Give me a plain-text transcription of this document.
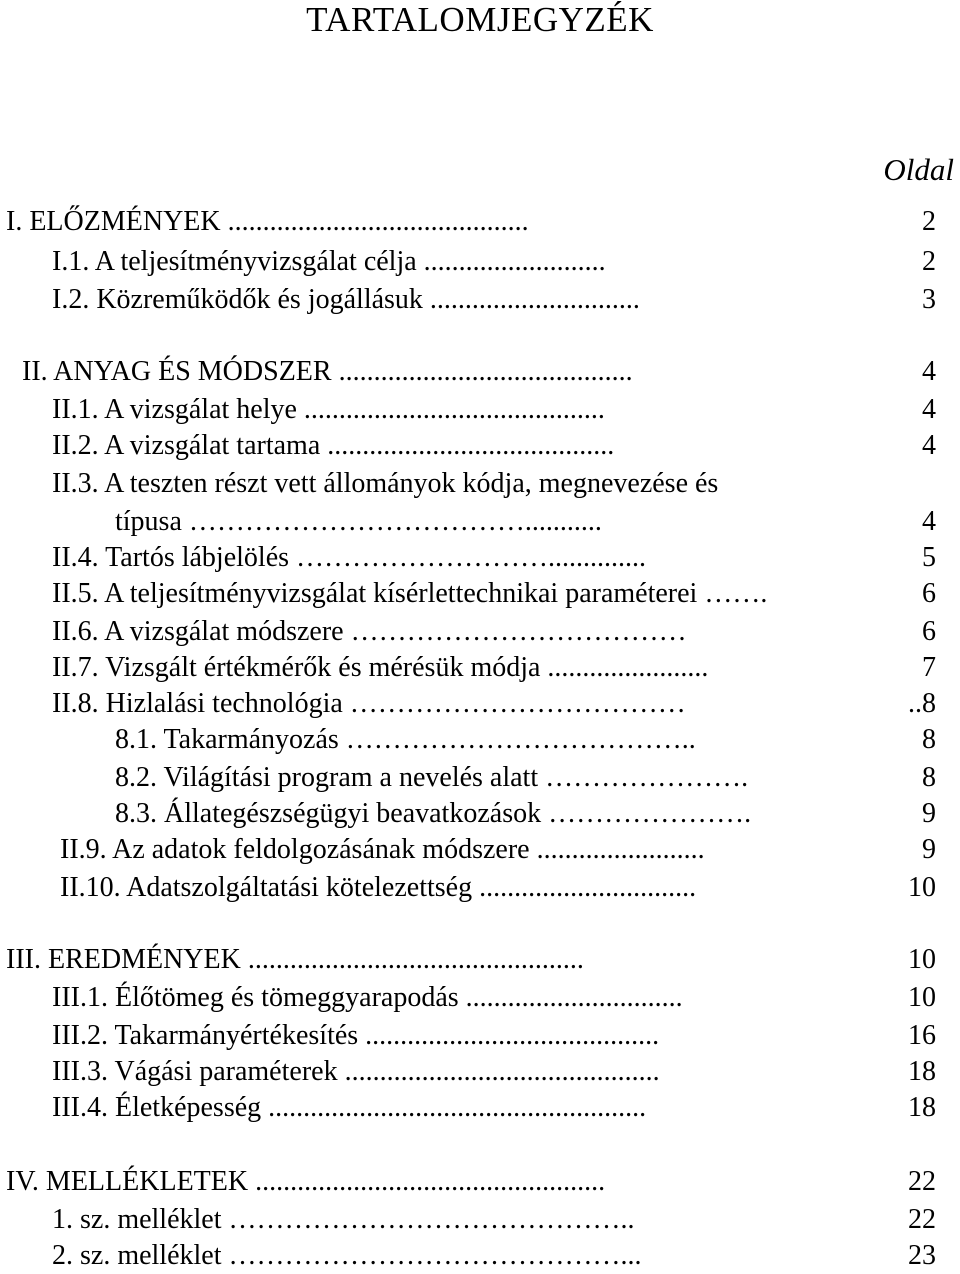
TARTALOMJEGYZÉK
Oldal
I. ELŐZMÉNYEK ...........................................	2
I.1. A teljesítményvizsgálat célja ..........................	2
I.2. Közreműködők és jogállásuk ..............................	3
II. ANYAG ÉS MÓDSZER ..........................................	4
II.1. A vizsgálat helye ...........................................	4
II.2. A vizsgálat tartama .........................................	4
II.3. A teszten részt vett állományok kódja, megnevezése és
típusa ………………………………...........	4
II.4. Tartós lábjelölés ………………………..............	5
II.5. A teljesítményvizsgálat kísérlettechnikai paraméterei …….	6
II.6. A vizsgálat módszere ………………………………	6
II.7. Vizsgált értékmérők és mérésük módja .......................	7
II.8. Hizlalási technológia ………………………………	..8
8.1. Takarmányozás ………………………………..	8
8.2. Világítási program a nevelés alatt ………………….	8
8.3. Állategészségügyi beavatkozások ………………….	9
II.9. Az adatok feldolgozásának módszere ........................	9
II.10. Adatszolgáltatási kötelezettség ...............................	10
III. EREDMÉNYEK ................................................	10
III.1. Élőtömeg és tömeggyarapodás ...............................	10
III.2. Takarmányértékesítés ..........................................	16
III.3. Vágási paraméterek .............................................	18
III.4. Életképesség ......................................................	18
IV. MELLÉKLETEK ..................................................	22
1. sz. melléklet ……………………………………..	22
2. sz. melléklet ……………………………………...	23
